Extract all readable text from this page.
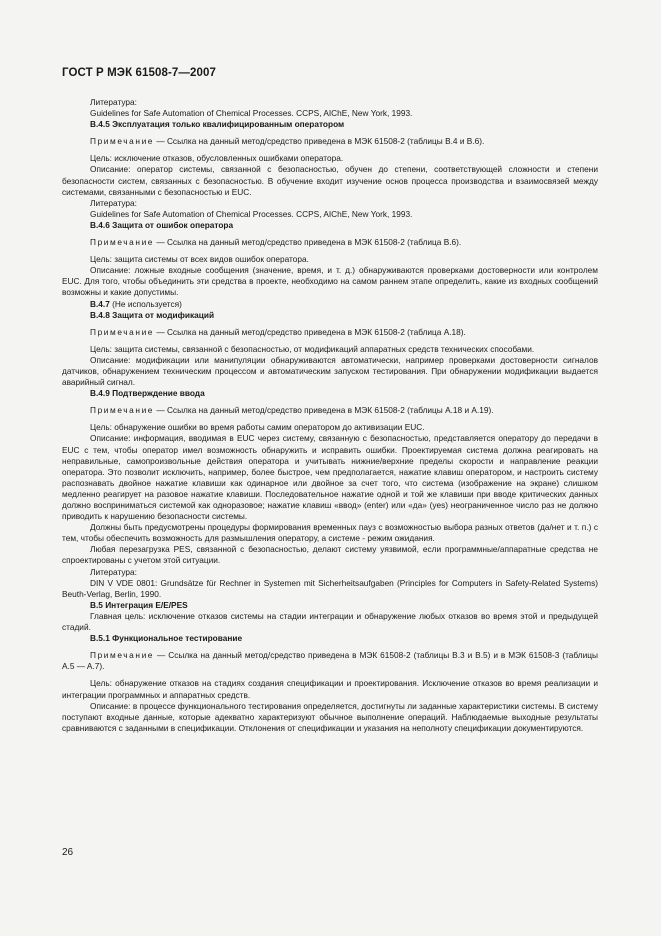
ГОСТ Р МЭК 61508-7—2007

Литература:

Guidelines for Safe Automation of Chemical Processes. CCPS, AIChE, New York, 1993.

B.4.5 Эксплуатация только квалифицированным оператором

Примечание — Ссылка на данный метод/средство приведена в МЭК 61508-2 (таблицы B.4 и B.6).

Цель: исключение отказов, обусловленных ошибками оператора.

Описание: оператор системы, связанной с безопасностью, обучен до степени, соответствующей сложности и степени безопасности систем, связанных с безопасностью. В обучение входит изучение основ процесса производства и взаимосвязей между системами, связанными с безопасностью и EUC.

Литература:

Guidelines for Safe Automation of Chemical Processes. CCPS, AIChE, New York, 1993.

B.4.6 Защита от ошибок оператора

Примечание — Ссылка на данный метод/средство приведена в МЭК 61508-2 (таблица B.6).

Цель: защита системы от всех видов ошибок оператора.

Описание: ложные входные сообщения (значение, время, и т. д.) обнаруживаются проверками достоверности или контролем EUC. Для того, чтобы объединить эти средства в проекте, необходимо на самом раннем этапе определить, какие из входных сообщений возможны и какие допустимы.

B.4.7 (Не используется)

B.4.8 Защита от модификаций

Примечание — Ссылка на данный метод/средство приведена в МЭК 61508-2 (таблица A.18).

Цель: защита системы, связанной с безопасностью, от модификаций аппаратных средств технических способами.

Описание: модификации или манипуляции обнаруживаются автоматически, например проверками достоверности сигналов датчиков, обнаружением техническим процессом и автоматическим запуском тестирования. При обнаружении модификации выдается аварийный сигнал.

B.4.9 Подтверждение ввода

Примечание — Ссылка на данный метод/средство приведена в МЭК 61508-2 (таблицы A.18 и A.19).

Цель: обнаружение ошибки во время работы самим оператором до активизации EUC.

Описание: информация, вводимая в EUC через систему, связанную с безопасностью, представляется оператору до передачи в EUC с тем, чтобы оператор имел возможность обнаружить и исправить ошибки. Проектируемая система должна реагировать на неправильные, самопроизвольные действия оператора и учитывать нижние/верхние пределы скорости и направление реакции оператора. Это позволит исключить, например, более быстрое, чем предполагается, нажатие клавиш оператором, и настроить систему распознавать двойное нажатие клавиши как одинарное или двойное за счет того, что система (изображение на экране) слишком медленно реагирует на разовое нажатие клавиши. Последовательное нажатие одной и той же клавиши при вводе критических данных должно восприниматься системой как одноразовое; нажатие клавиш «ввод» (enter) или «да» (yes) неограниченное число раз не должно приводить к нарушению безопасности системы.

Должны быть предусмотрены процедуры формирования временных пауз с возможностью выбора разных ответов (да/нет и т. п.) с тем, чтобы обеспечить возможность для размышления оператору, а системе - режим ожидания.

Любая перезагрузка PES, связанной с безопасностью, делают систему уязвимой, если программные/аппаратные средства не спроектированы с учетом этой ситуации.

Литература:

DIN V VDE 0801: Grundsätze für Rechner in Systemen mit Sicherheitsaufgaben (Principles for Computers in Safety-Related Systems) Beuth-Verlag, Berlin, 1990.

B.5 Интеграция E/E/PES

Главная цель: исключение отказов системы на стадии интеграции и обнаружение любых отказов во время этой и предыдущей стадий.

B.5.1 Функциональное тестирование

Примечание — Ссылка на данный метод/средство приведена в МЭК 61508-2 (таблицы B.3 и B.5) и в МЭК 61508-3 (таблицы A.5 — A.7).

Цель: обнаружение отказов на стадиях создания спецификации и проектирования. Исключение отказов во время реализации и интеграции программных и аппаратных средств.

Описание: в процессе функционального тестирования определяется, достигнуты ли заданные характеристики системы. В систему поступают входные данные, которые адекватно характеризуют обычное выполнение операций. Наблюдаемые выходные результаты сравниваются с заданными в спецификации. Отклонения от спецификации и указания на неполноту спецификации документируются.

26
